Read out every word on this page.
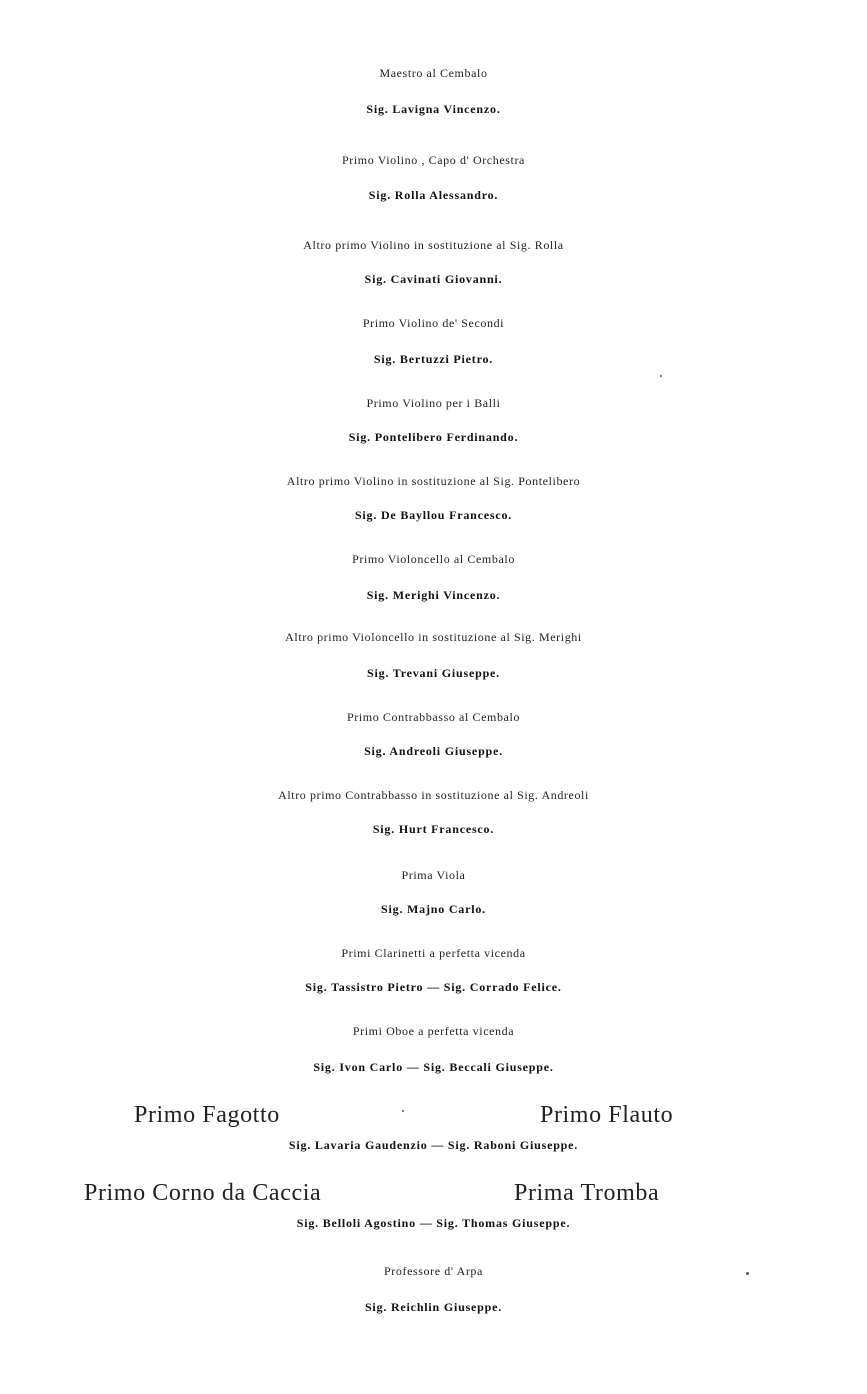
Maestro al Cembalo
Sig. Lavigna Vincenzo.
Primo Violino , Capo d' Orchestra
Sig. Rolla Alessandro.
Altro primo Violino in sostituzione al Sig. Rolla
Sig. Cavinati Giovanni.
Primo Violino de' Secondi
Sig. Bertuzzi Pietro.
Primo Violino per i Balli
Sig. Pontelibero Ferdinando.
Altro primo Violino in sostituzione al Sig. Pontelibero
Sig. De Bayllou Francesco.
Primo Violoncello al Cembalo
Sig. Merighi Vincenzo.
Altro primo Violoncello in sostituzione al Sig. Merighi
Sig. Trevani Giuseppe.
Primo Contrabbasso al Cembalo
Sig. Andreoli Giuseppe.
Altro primo Contrabbasso in sostituzione al Sig. Andreoli
Sig. Hurt Francesco.
Prima Viola
Sig. Majno Carlo.
Primi Clarinetti a perfetta vicenda
Sig. Tassistro Pietro — Sig. Corrado Felice.
Primi Oboe a perfetta vicenda
Sig. Ivon Carlo — Sig. Beccali Giuseppe.
Primo Fagotto	Primo Flauto
Sig. Lavaria Gaudenzio — Sig. Raboni Giuseppe.
Primo Corno da Caccia	Prima Tromba
Sig. Belloli Agostino — Sig. Thomas Giuseppe.
Professore d' Arpa
Sig. Reichlin Giuseppe.
